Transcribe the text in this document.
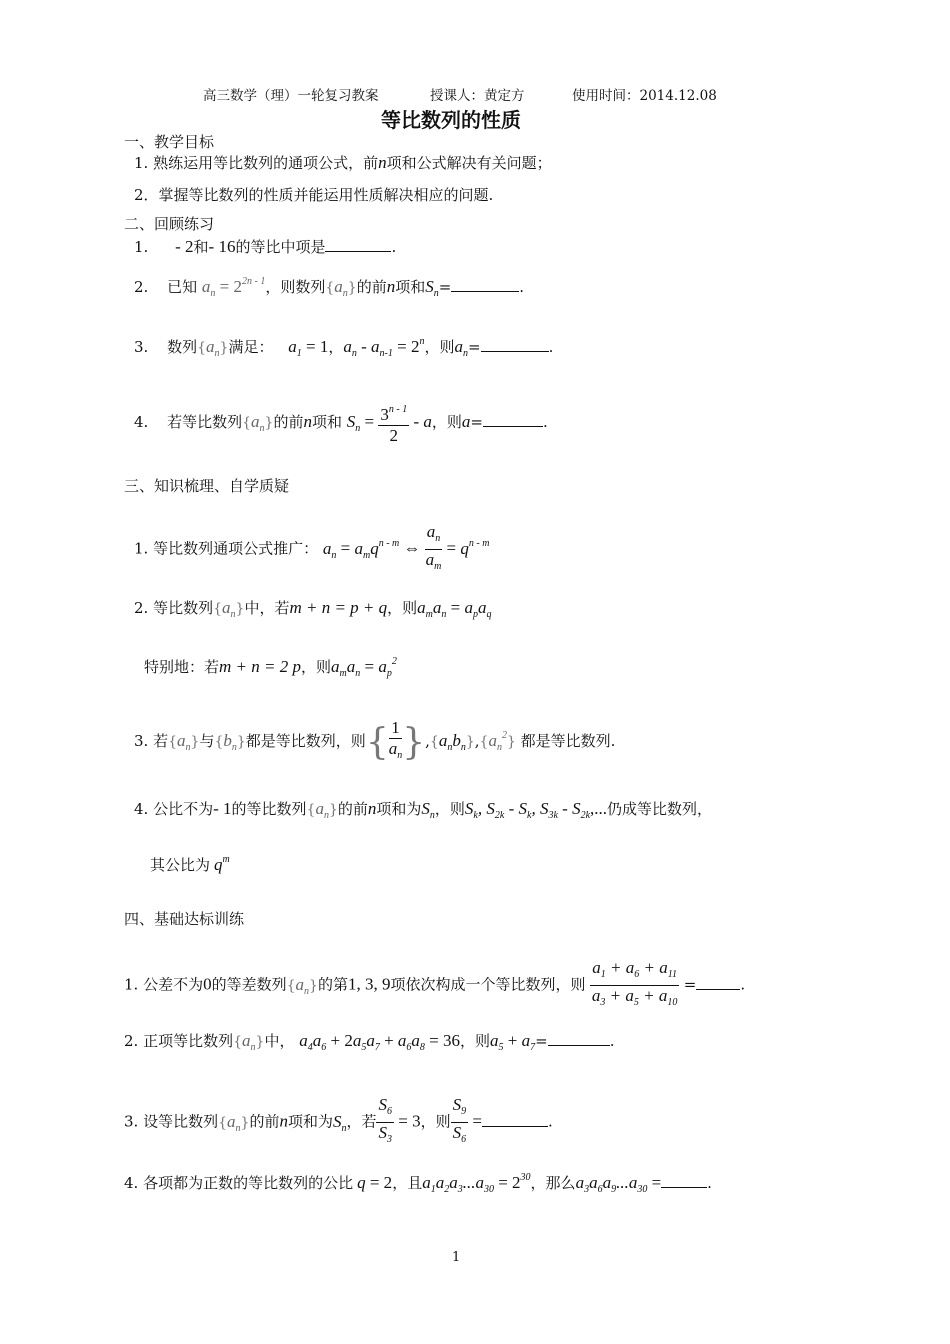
高三数学（理）一轮复习教案	授课人：黄定方	使用时间：2014.12.08
等比数列的性质
一、教学目标
1. 熟练运用等比数列的通项公式，前n项和公式解决有关问题；
2．掌握等比数列的性质并能运用性质解决相应的问题.
二、回顾练习
1. - 2和- 16的等比中项是	.
2. 已知 $a_n = 2^{2n - 1}$，则数列$\{a_n\}$的前n项和$S_n=$	.
3. 数列$\{a_n\}$满足： $a_1 = 1$，$a_n - a_{n-1} = 2^n$，则$a_n=$	.
4. 若等比数列$\{a_n\}$的前n项和 $S_n = \frac{3^{n - 1}}{2} - a$，则a=	.
三、知识梳理、自学质疑
1. 等比数列通项公式推广： $a_n = a_mq^{n - m}$ ⇔ $\frac{a_n}{a_m} = q^{n - m}$
2. 等比数列$\{a_n\}$中，若m + n = p + q，则$a_ma_n = a_pa_q$
特别地：若m + n = 2 p，则$a_ma_n = a_p^2$
3. 若$\{a_n\}$与$\{b_n\}$都是等比数列，则{ $\frac{1}{a_n} \},\{a_nb_n\},\{a_n^2\}$ 都是等比数列.
4. 公比不为- 1的等比数列$\{a_n\}$的前n项和为$S_n$，则$S_k$, $S_{2k} - S_k$, $S_{3k} - S_{2k}$,...仍成等比数列，
其公比为 $q^m$
四、基础达标训练
1. 公差不为0的等差数列$\{a_n\}$的第1, 3, 9项依次构成一个等比数列，则 $\frac{a_1 + a_6 + a_{11}}{a_3 + a_5 + a_{10}}$ =	.
2. 正项等比数列$\{a_n\}$中， $a_4a_6 + 2a_5a_7 + a_6a_8 = 36$，则$a_5 + a_7=$	.
3. 设等比数列$\{a_n\}$的前n项和为$S_n$，若 $\frac{S_6}{S_3} = 3$，则 $\frac{S_9}{S_6}$ =	.
4. 各项都为正数的等比数列的公比 q = 2，且$a_1a_2a_3...a_{30} = 2^{30}$，那么$a_3a_6a_9...a_{30}$ =	.
1
